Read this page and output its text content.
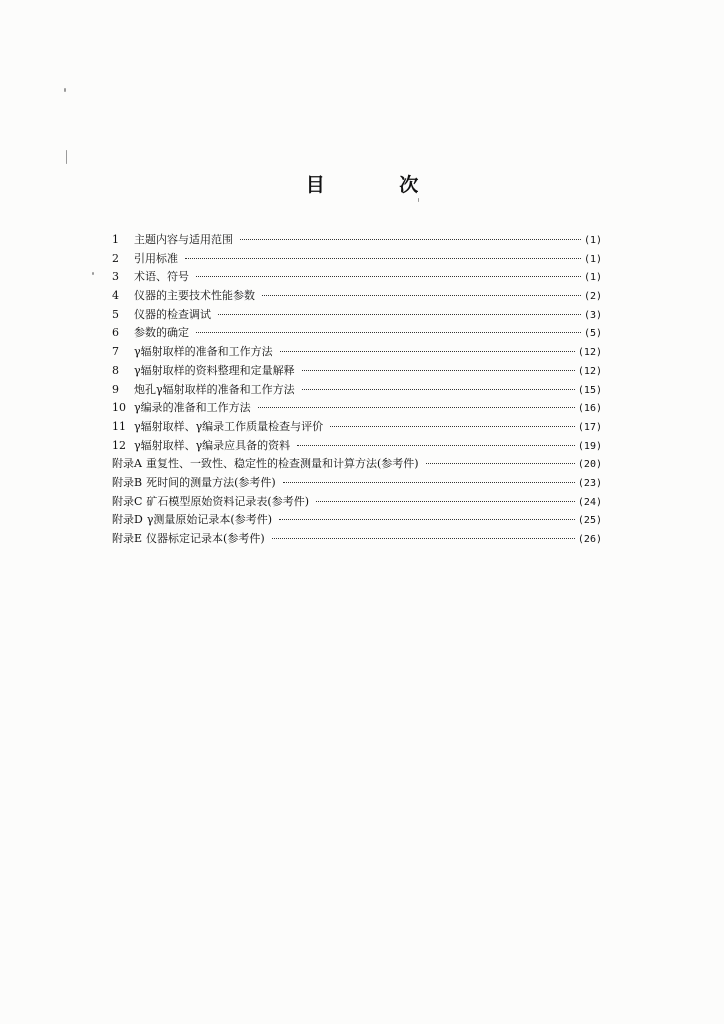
目 次
1	主题内容与适用范围	(1)
2	引用标准	(1)
3	术语、符号	(1)
4	仪器的主要技术性能参数	(2)
5	仪器的检查调试	(3)
6	参数的确定	(5)
7	γ辐射取样的准备和工作方法	(12)
8	γ辐射取样的资料整理和定量解释	(12)
9	炮孔γ辐射取样的准备和工作方法	(15)
10 γ编录的准备和工作方法	(16)
11 γ辐射取样、γ编录工作质量检查与评价	(17)
12 γ辐射取样、γ编录应具备的资料	(19)
附录A 重复性、一致性、稳定性的检查测量和计算方法(参考件)	(20)
附录B 死时间的测量方法(参考件)	(23)
附录C 矿石模型原始资料记录表(参考件)	(24)
附录D γ测量原始记录本(参考件)	(25)
附录E 仪器标定记录本(参考件)	(26)
